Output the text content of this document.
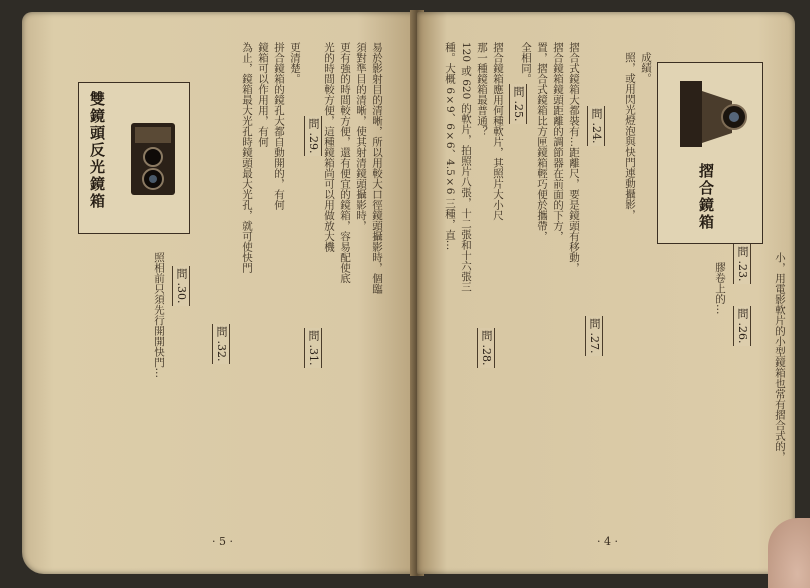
雙鏡頭反光鏡箱	問 .29.
問 .30.
問 .31.
問 .32.
易於影射目的清晰，所以用較大口徑鏡頭攝影時，個臨
須對準目的清晰，使其射清鏡頭攝影時，
更有強的時間較方便，還有便宜的鏡箱，容易配使底
光的時間較方便，這種鏡箱尚可以用做放大機
更清楚。
拼合鏡箱的鏡孔大都自動開的，有何
鏡箱可以作用用，有何
為止，鏡箱最大光孔時鏡頭最大光孔，就可使快門
照相前只須先行開開快門…
· 5 ·
摺合鏡箱
問 .24.
問 .25.
問 .23.
問 .26.
問 .27.
問 .28.
成績。
照，或用閃光燈泡與快門連動攝影，
摺合式鏡箱大都裝有…距離尺，要是鏡頭有移動，
摺合鏡箱鏡頭距離的調節器在前面的下方，
置，摺合式鏡箱比方匣鏡箱輕巧便於攜帶，
全相同。
摺合鏡箱應用何種軟片，其照片大小尺
那一種鏡箱最普通？
120 或 620 的軟片，拍照片八張，十二張和十六張三
種。大概 6×9、6×6、4.5×6 三種，直…
小，用電影軟片的小型鏡箱也常有摺合式的，
膠卷上的…
· 4 ·
